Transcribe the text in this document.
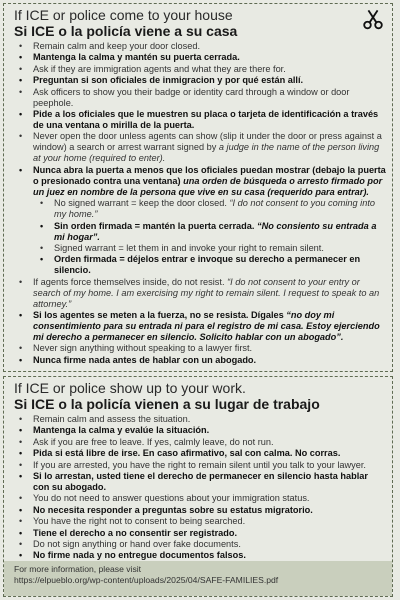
If ICE or police come to your house
Si ICE o la policía viene a su casa
• Remain calm and keep your door closed.
• Mantenga la calma y mantén su puerta cerrada.
• Ask if they are immigration agents and what they are there for.
• Preguntan si son oficiales de inmigracion y por qué están allí.
• Ask officers to show you their badge or identity card through a window or door peephole.
• Pide a los oficiales que le muestren su placa o tarjeta de identificación a través de una ventana o mirilla de la puerta.
• Never open the door unless agents can show (slip it under the door or press against a window) a search or arrest warrant signed by a judge in the name of the person living at your home (required to enter).
• Nunca abra la puerta a menos que los oficiales puedan mostrar (debajo la puerta o presionado contra una ventana) una orden de búsqueda o arresto firmado por un juez en nombre de la persona que vive en su casa (requerido para entrar).
• No signed warrant = keep the door closed. “I do not consent to you coming into my home.”
• Sin orden firmada = mantén la puerta cerrada. “No consiento su entrada a mi hogar”.
• Signed warrant = let them in and invoke your right to remain silent.
• Orden firmada = déjelos entrar e invoque su derecho a permanecer en silencio.
• If agents force themselves inside, do not resist. “I do not consent to your entry or search of my home. I am exercising my right to remain silent. I request to speak to an attorney.”
• Si los agentes se meten a la fuerza, no se resista. Dígales “no doy mi consentimiento para su entrada ni para el registro de mi casa. Estoy ejerciendo mi derecho a permanecer en silencio. Solicito hablar con un abogado”.
• Never sign anything without speaking to a lawyer first.
• Nunca firme nada antes de hablar con un abogado.
If ICE or police show up to your work.
Si ICE o la policía vienen a su lugar de trabajo
• Remain calm and assess the situation.
• Mantenga la calma y evalúe la situación.
• Ask if you are free to leave. If yes, calmly leave, do not run.
• Pida si está libre de irse. En caso afirmativo, sal con calma. No corras.
• If you are arrested, you have the right to remain silent until you talk to your lawyer.
• Si lo arrestan, usted tiene el derecho de permanecer en silencio hasta hablar con su abogado.
• You do not need to answer questions about your immigration status.
• No necesita responder a preguntas sobre su estatus migratorio.
• You have the right not to consent to being searched.
• Tiene el derecho a no consentir ser registrado.
• Do not sign anything or hand over fake documents.
• No firme nada y no entregue documentos falsos.
For more information, please visit
https://elpueblo.org/wp-content/uploads/2025/04/SAFE-FAMILIES.pdf
